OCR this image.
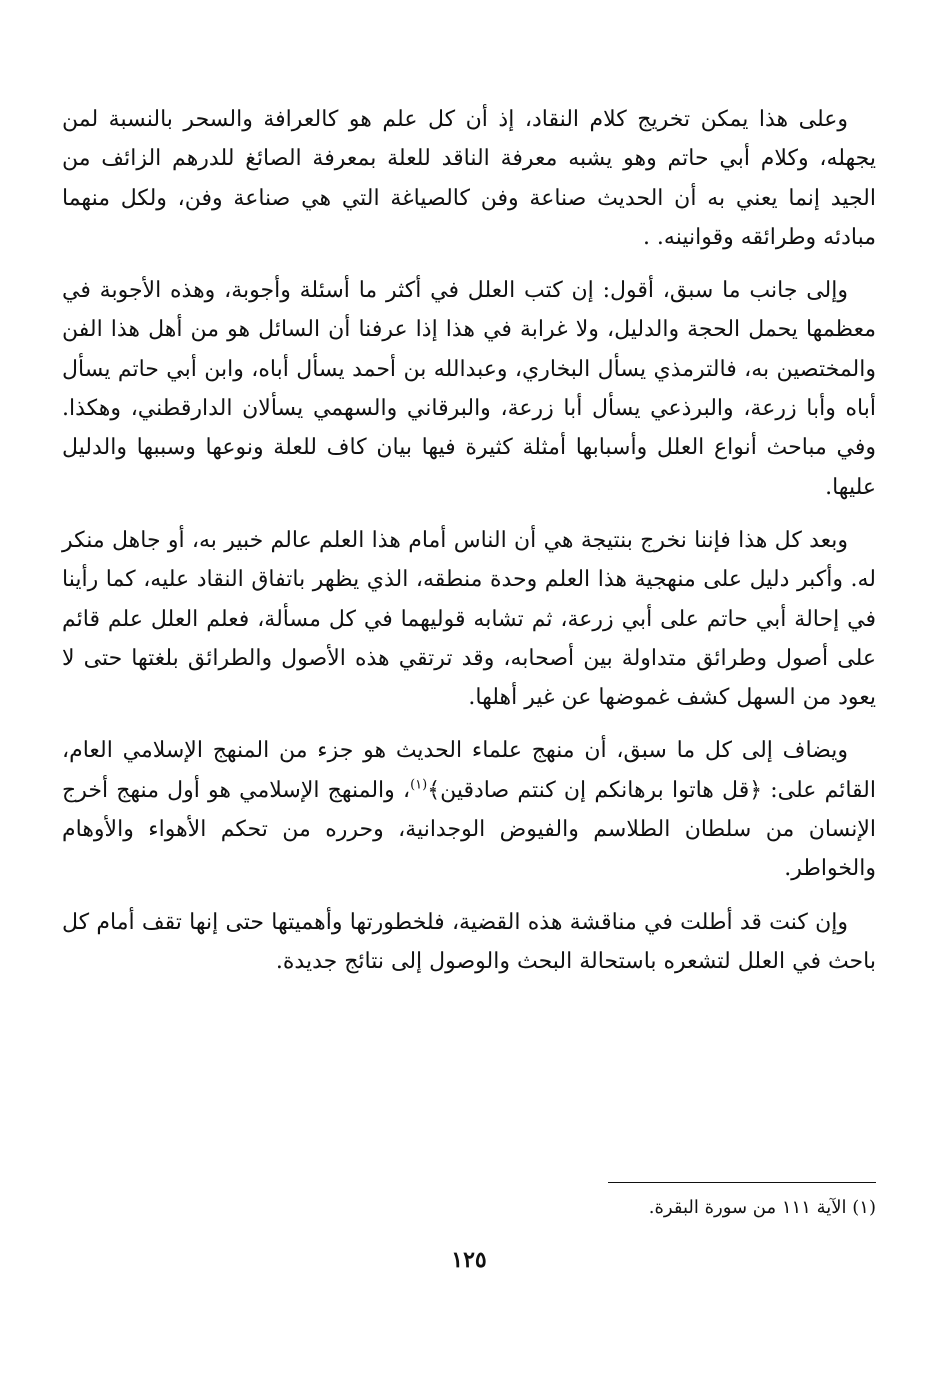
وعلى هذا يمكن تخريج كلام النقاد، إذ أن كل علم هو كالعرافة والسحر بالنسبة لمن يجهله، وكلام أبي حاتم وهو يشبه معرفة الناقد للعلة بمعرفة الصائغ للدرهم الزائف من الجيد إنما يعني به أن الحديث صناعة وفن كالصياغة التي هي صناعة وفن، ولكل منهما مبادئه وطرائقه وقوانينه. .

وإلى جانب ما سبق، أقول: إن كتب العلل في أكثر ما أسئلة وأجوبة، وهذه الأجوبة في معظمها يحمل الحجة والدليل، ولا غرابة في هذا إذا عرفنا أن السائل هو من أهل هذا الفن والمختصين به، فالترمذي يسأل البخاري، وعبدالله بن أحمد يسأل أباه، وابن أبي حاتم يسأل أباه وأبا زرعة، والبرذعي يسأل أبا زرعة، والبرقاني والسهمي يسألان الدارقطني، وهكذا. وفي مباحث أنواع العلل وأسبابها أمثلة كثيرة فيها بيان كاف للعلة ونوعها وسببها والدليل عليها.

وبعد كل هذا فإننا نخرج بنتيجة هي أن الناس أمام هذا العلم عالم خبير به، أو جاهل منكر له. وأكبر دليل على منهجية هذا العلم وحدة منطقه، الذي يظهر باتفاق النقاد عليه، كما رأينا في إحالة أبي حاتم على أبي زرعة، ثم تشابه قوليهما في كل مسألة، فعلم العلل علم قائم على أصول وطرائق متداولة بين أصحابه، وقد ترتقي هذه الأصول والطرائق بلغتها حتى لا يعود من السهل كشف غموضها عن غير أهلها.

ويضاف إلى كل ما سبق، أن منهج علماء الحديث هو جزء من المنهج الإسلامي العام، القائم على: ﴿قل هاتوا برهانكم إن كنتم صادقين﴾$^{(١)}$، والمنهج الإسلامي هو أول منهج أخرج الإنسان من سلطان الطلاسم والفيوض الوجدانية، وحرره من تحكم الأهواء والأوهام والخواطر.

وإن كنت قد أطلت في مناقشة هذه القضية، فلخطورتها وأهميتها حتى إنها تقف أمام كل باحث في العلل لتشعره باستحالة البحث والوصول إلى نتائج جديدة.

(١) الآية ١١١ من سورة البقرة.
١٢٥
